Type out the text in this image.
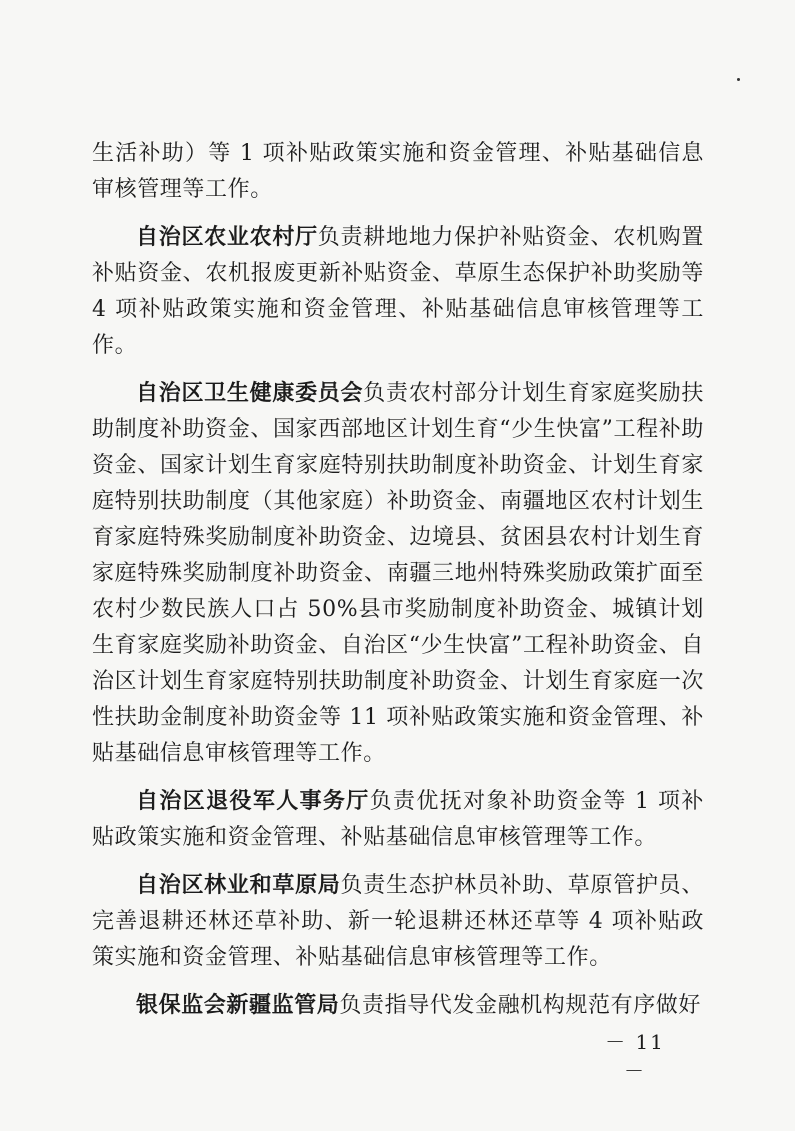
生活补助）等 1 项补贴政策实施和资金管理、补贴基础信息审核管理等工作。

自治区农业农村厅负责耕地地力保护补贴资金、农机购置补贴资金、农机报废更新补贴资金、草原生态保护补助奖励等 4 项补贴政策实施和资金管理、补贴基础信息审核管理等工作。

自治区卫生健康委员会负责农村部分计划生育家庭奖励扶助制度补助资金、国家西部地区计划生育“少生快富”工程补助资金、国家计划生育家庭特别扶助制度补助资金、计划生育家庭特别扶助制度（其他家庭）补助资金、南疆地区农村计划生育家庭特殊奖励制度补助资金、边境县、贫困县农村计划生育家庭特殊奖励制度补助资金、南疆三地州特殊奖励政策扩面至农村少数民族人口占 50%县市奖励制度补助资金、城镇计划生育家庭奖励补助资金、自治区“少生快富”工程补助资金、自治区计划生育家庭特别扶助制度补助资金、计划生育家庭一次性扶助金制度补助资金等 11 项补贴政策实施和资金管理、补贴基础信息审核管理等工作。

自治区退役军人事务厅负责优抚对象补助资金等 1 项补贴政策实施和资金管理、补贴基础信息审核管理等工作。

自治区林业和草原局负责生态护林员补助、草原管护员、完善退耕还林还草补助、新一轮退耕还林还草等 4 项补贴政策实施和资金管理、补贴基础信息审核管理等工作。

银保监会新疆监管局负责指导代发金融机构规范有序做好

－ 11 －
